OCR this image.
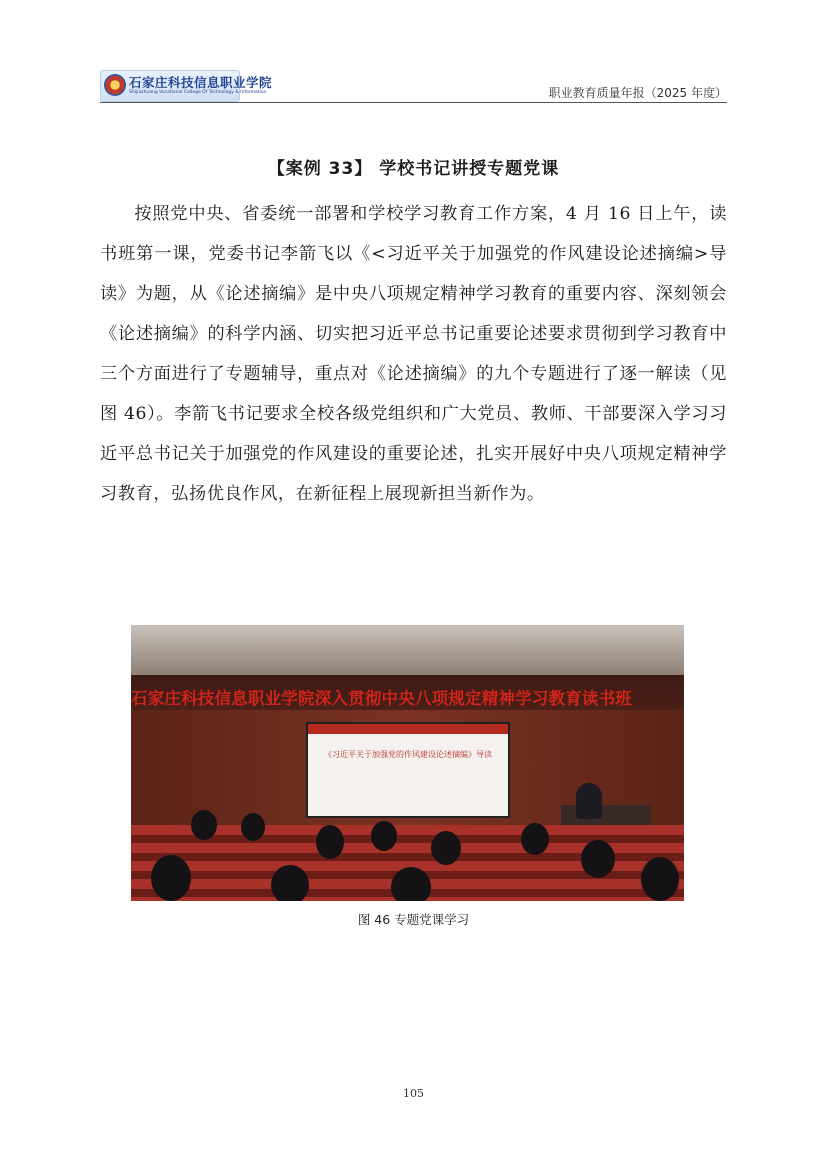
石家庄科技信息职业学院
Shijiazhuang Vocational College Of Technology & Information	职业教育质量年报（2025 年度）
【案例 33】 学校书记讲授专题党课
按照党中央、省委统一部署和学校学习教育工作方案，4 月 16 日上午，读书班第一课，党委书记李箭飞以《<习近平关于加强党的作风建设论述摘编>导读》为题，从《论述摘编》是中央八项规定精神学习教育的重要内容、深刻领会《论述摘编》的科学内涵、切实把习近平总书记重要论述要求贯彻到学习教育中三个方面进行了专题辅导，重点对《论述摘编》的九个专题进行了逐一解读（见图 46）。李箭飞书记要求全校各级党组织和广大党员、教师、干部要深入学习习近平总书记关于加强党的作风建设的重要论述，扎实开展好中央八项规定精神学习教育，弘扬优良作风，在新征程上展现新担当新作为。
石家庄科技信息职业学院深入贯彻中央八项规定精神学习教育读书班
《习近平关于加强党的作风建设论述摘编》导读
图 46 专题党课学习
105
